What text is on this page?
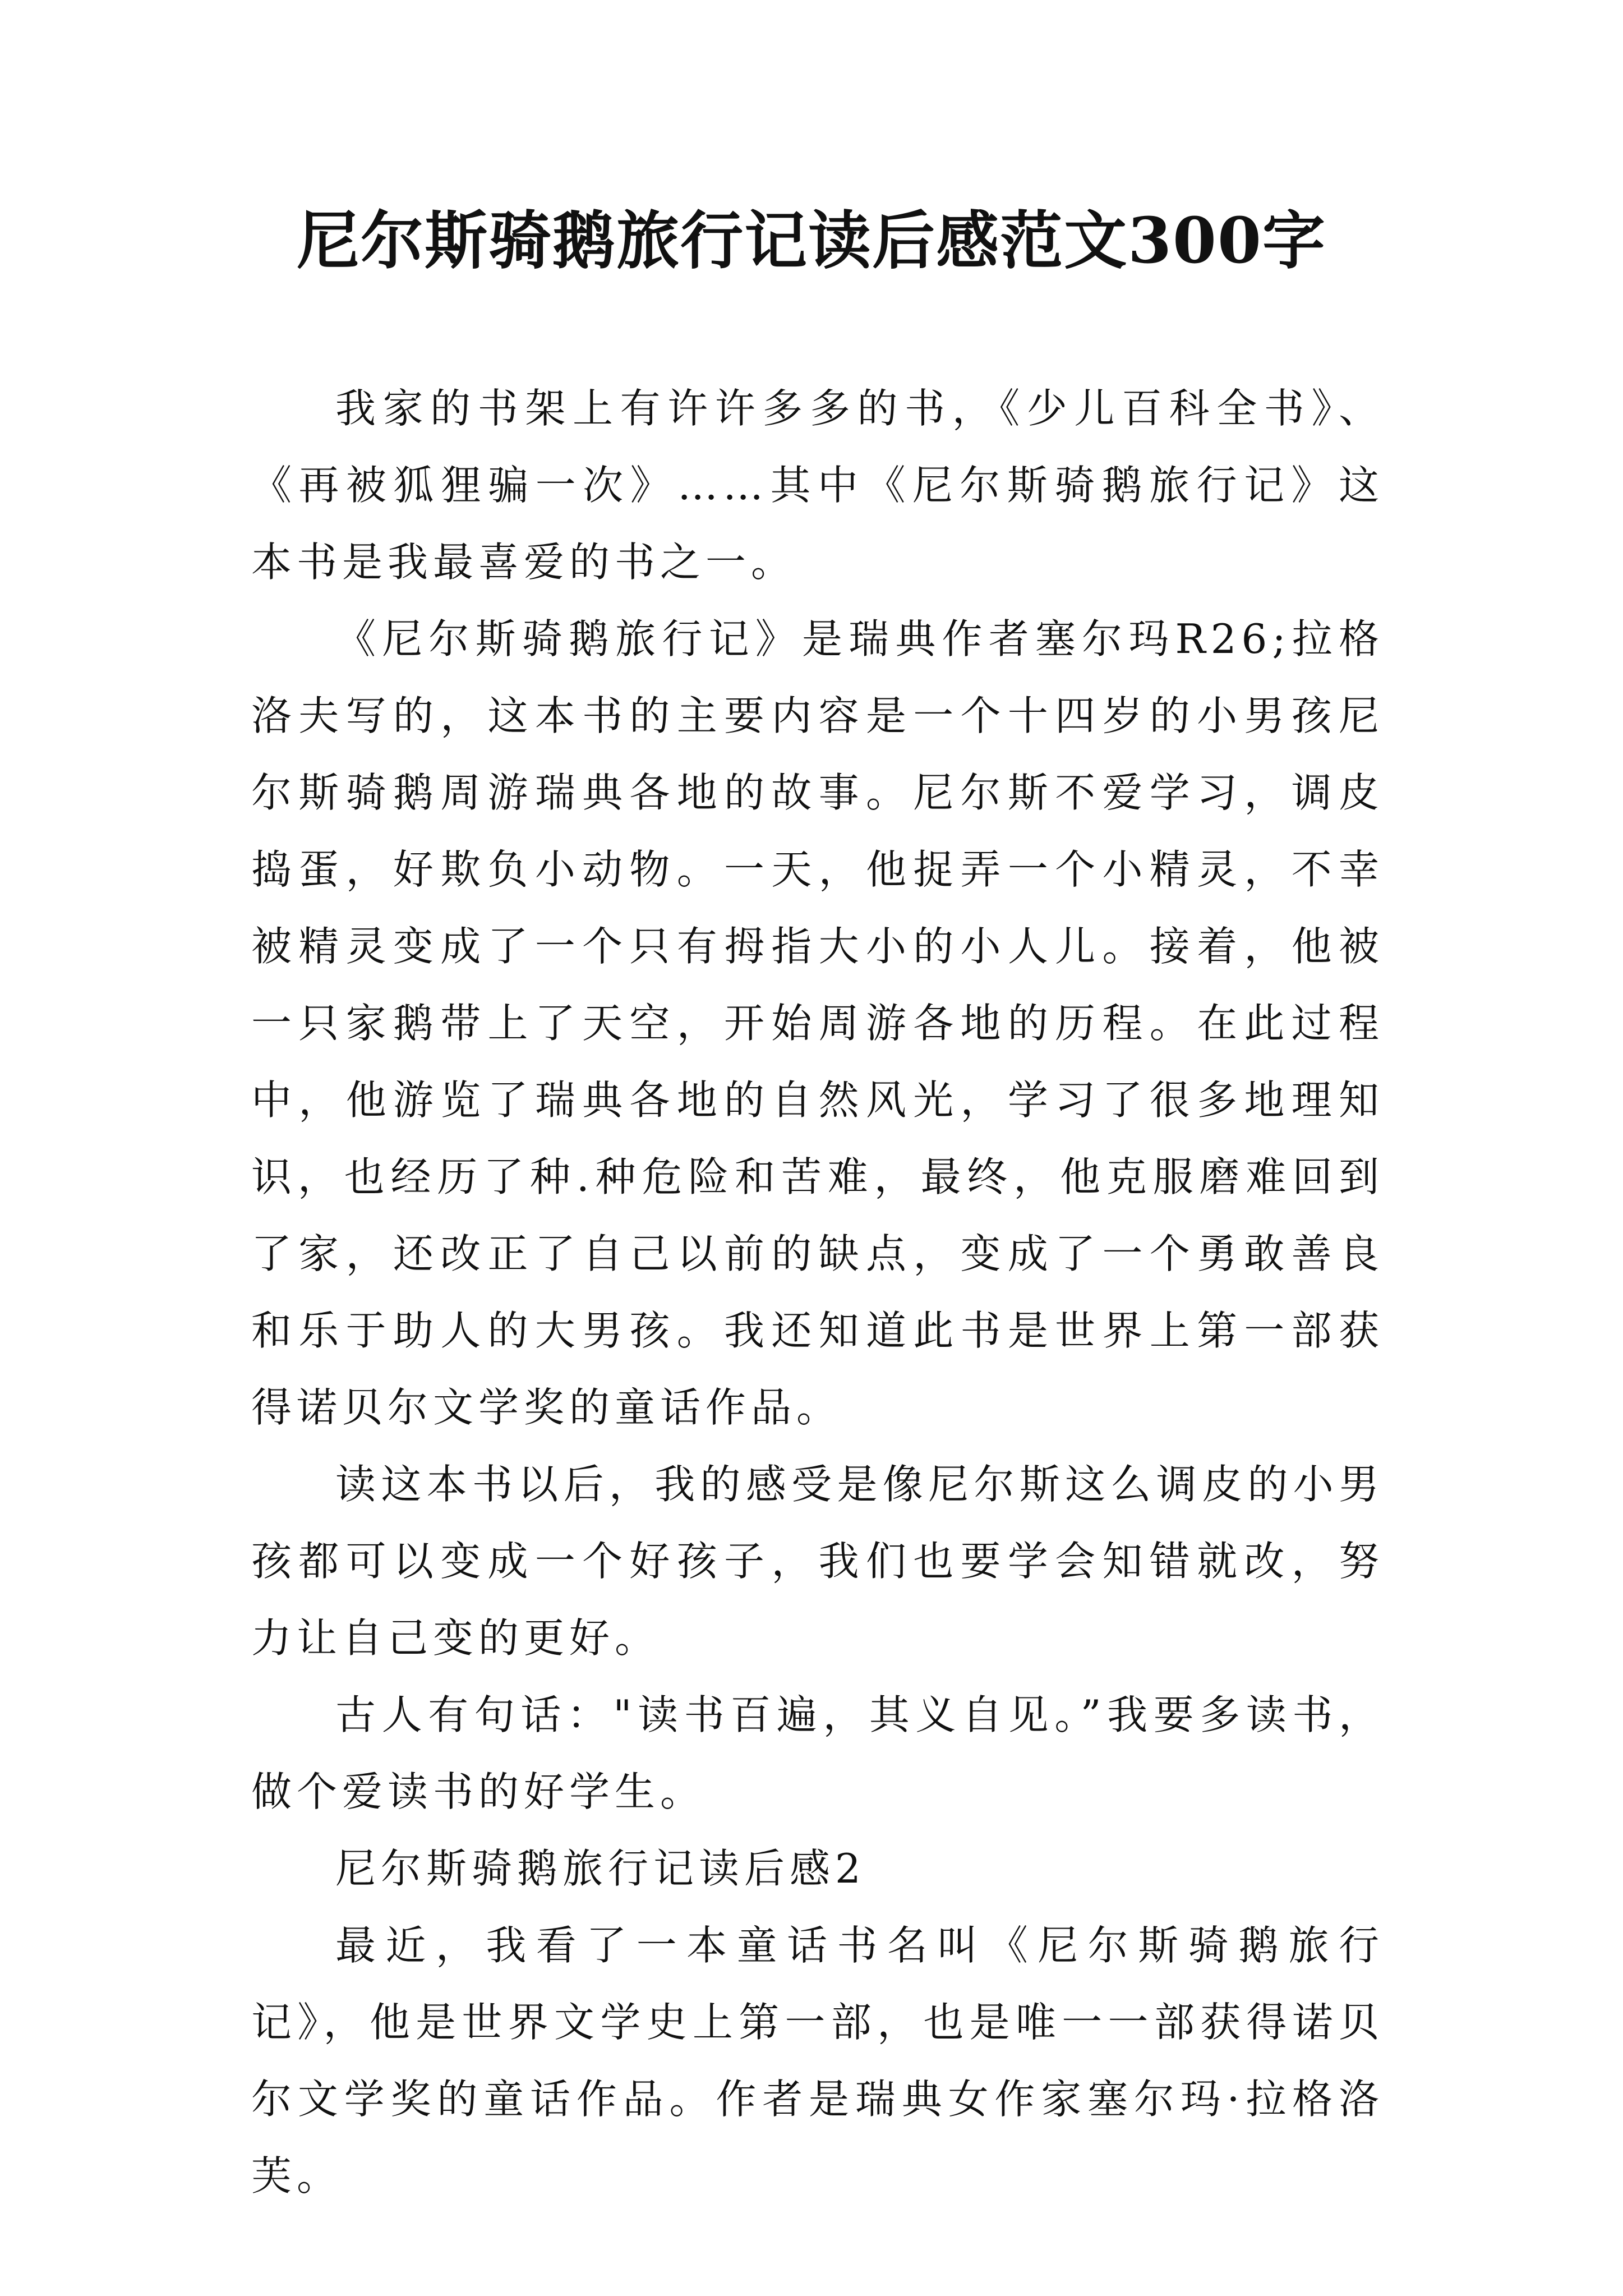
尼尔斯骑鹅旅行记读后感范文300字

我家的书架上有许许多多的书，《少儿百科全书》、《再被狐狸骗一次》……其中《尼尔斯骑鹅旅行记》这本书是我最喜爱的书之一。

《尼尔斯骑鹅旅行记》是瑞典作者塞尔玛R26;拉格洛夫写的，这本书的主要内容是一个十四岁的小男孩尼尔斯骑鹅周游瑞典各地的故事。尼尔斯不爱学习，调皮捣蛋，好欺负小动物。一天，他捉弄一个小精灵，不幸被精灵变成了一个只有拇指大小的小人儿。接着，他被一只家鹅带上了天空，开始周游各地的历程。在此过程中，他游览了瑞典各地的自然风光，学习了很多地理知识，也经历了种.种危险和苦难，最终，他克服磨难回到了家，还改正了自己以前的缺点，变成了一个勇敢善良和乐于助人的大男孩。我还知道此书是世界上第一部获得诺贝尔文学奖的童话作品。

读这本书以后，我的感受是像尼尔斯这么调皮的小男孩都可以变成一个好孩子，我们也要学会知错就改，努力让自己变的更好。

古人有句话："读书百遍，其义自见。”我要多读书，做个爱读书的好学生。

尼尔斯骑鹅旅行记读后感2

最近，我看了一本童话书名叫《尼尔斯骑鹅旅行记》，他是世界文学史上第一部，也是唯一一部获得诺贝尔文学奖的童话作品。作者是瑞典女作家塞尔玛·拉格洛芙。
